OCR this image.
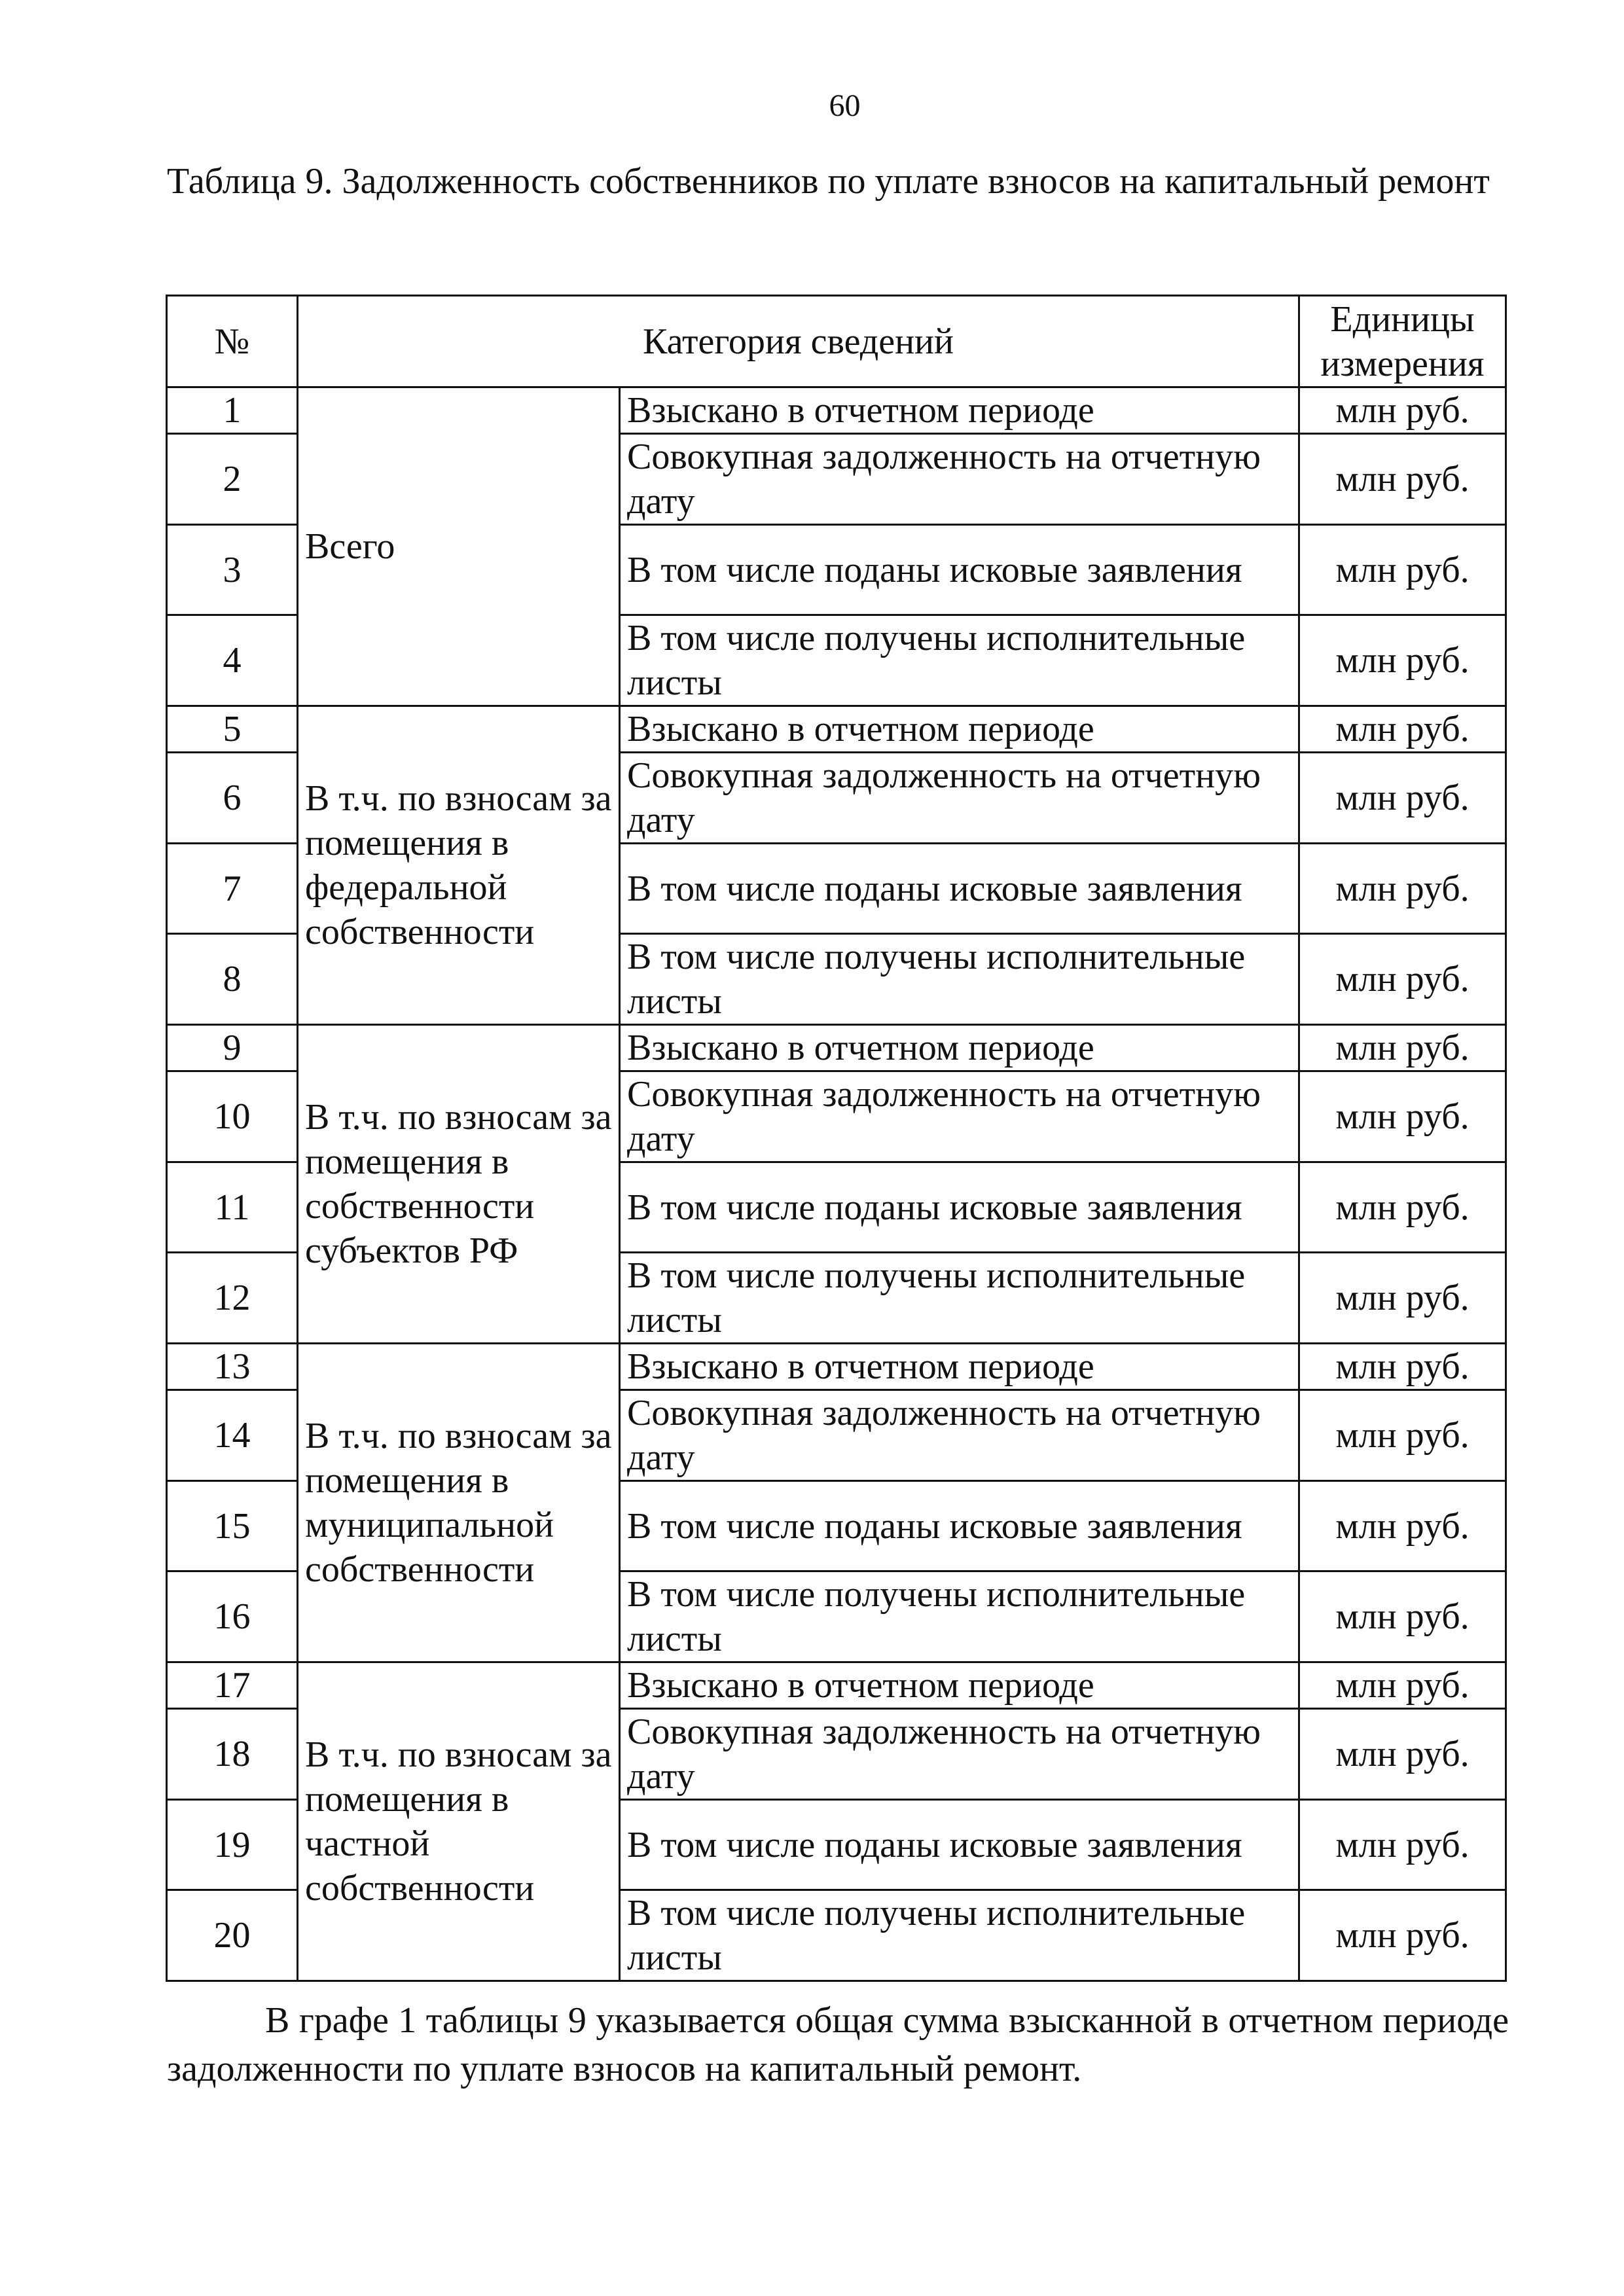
60
Таблица 9. Задолженность собственников по уплате взносов на капитальный ремонт
№	Категория сведений		Единицы измерения
1	Всего	Взыскано в отчетном периоде	млн руб.
2		Совокупная задолженность на отчетную дату	млн руб.
3		В том числе поданы исковые заявления	млн руб.
4		В том числе получены исполнительные листы	млн руб.
5	В т.ч. по взносам за помещения в федеральной собственности	Взыскано в отчетном периоде	млн руб.
6		Совокупная задолженность на отчетную дату	млн руб.
7		В том числе поданы исковые заявления	млн руб.
8		В том числе получены исполнительные листы	млн руб.
9	В т.ч. по взносам за помещения в собственности субъектов РФ	Взыскано в отчетном периоде	млн руб.
10		Совокупная задолженность на отчетную дату	млн руб.
11		В том числе поданы исковые заявления	млн руб.
12		В том числе получены исполнительные листы	млн руб.
13	В т.ч. по взносам за помещения в муниципальной собственности	Взыскано в отчетном периоде	млн руб.
14		Совокупная задолженность на отчетную дату	млн руб.
15		В том числе поданы исковые заявления	млн руб.
16		В том числе получены исполнительные листы	млн руб.
17	В т.ч. по взносам за помещения в частной собственности	Взыскано в отчетном периоде	млн руб.
18		Совокупная задолженность на отчетную дату	млн руб.
19		В том числе поданы исковые заявления	млн руб.
20		В том числе получены исполнительные листы	млн руб.
В графе 1 таблицы 9 указывается общая сумма взысканной в отчетном периоде задолженности по уплате взносов на капитальный ремонт.
